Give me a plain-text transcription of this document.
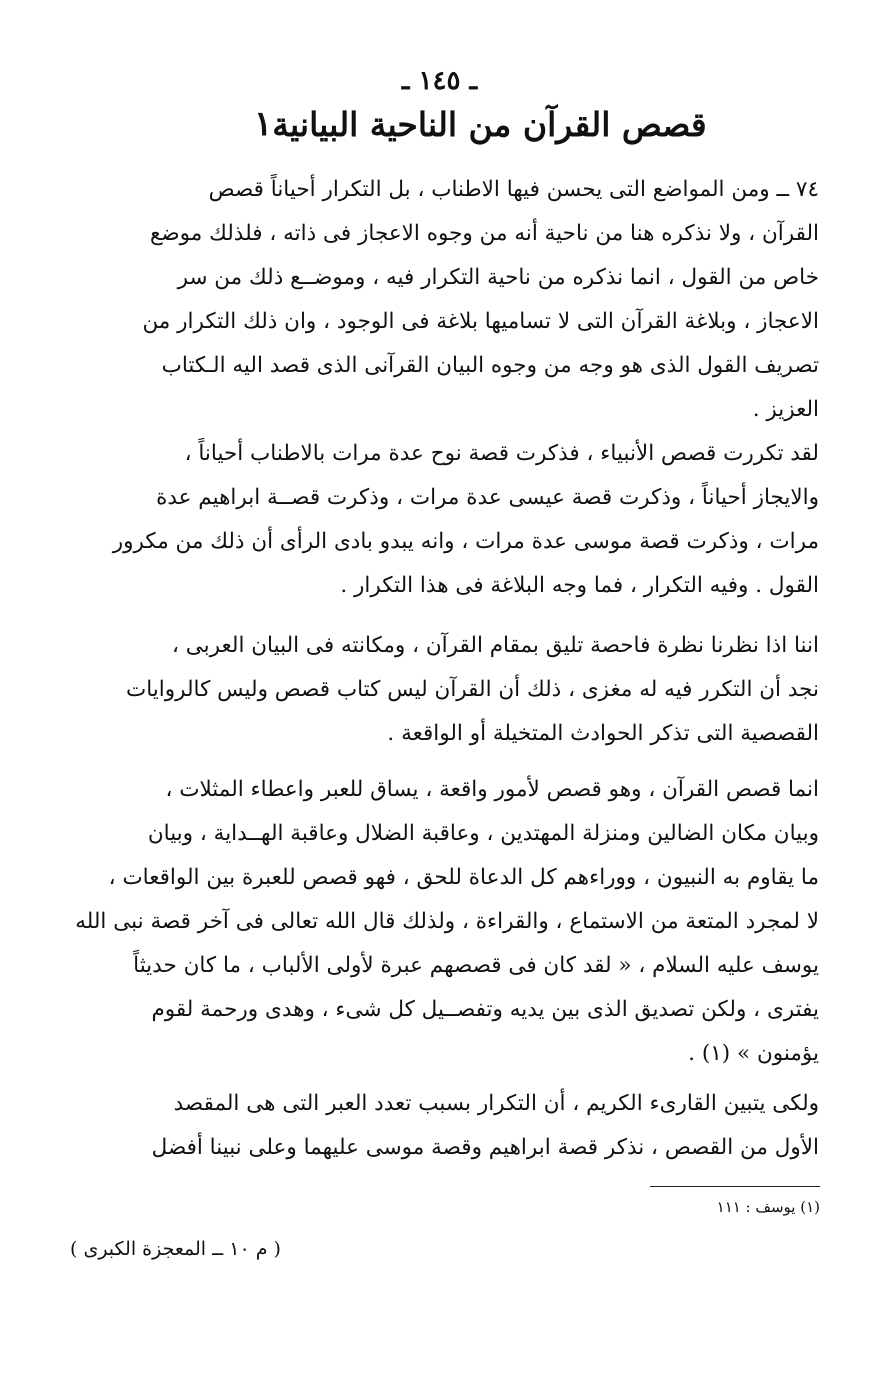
ـ ١٤٥ ـ
١ قصص القرآن من الناحية البيانية
٧٤ ــ ومن المواضع التى يحسن فيها الاطناب ، بل التكرار أحياناً قصص
القرآن ، ولا نذكره هنا من ناحية أنه من وجوه الاعجاز فى ذاته ، فلذلك موضع
خاص من القول ، انما نذكره من ناحية التكرار فيه ، وموضــع ذلك من سر
الاعجاز ، وبلاغة القرآن التى لا تساميها بلاغة فى الوجود ، وان ذلك التكرار من
تصريف القول الذى هو وجه من وجوه البيان القرآنى الذى قصد اليه الـكتاب
العزيز .
لقد تكررت قصص الأنبياء ، فذكرت قصة نوح عدة مرات بالاطناب أحياناً ،
والايجاز أحياناً ، وذكرت قصة عيسى عدة مرات ، وذكرت قصــة ابراهيم عدة
مرات ، وذكرت قصة موسى عدة مرات ، وانه يبدو بادى الرأى أن ذلك من مكرور
القول . وفيه التكرار ، فما وجه البلاغة فى هذا التكرار .
اننا اذا نظرنا نظرة فاحصة تليق بمقام القرآن ، ومكانته فى البيان العربى ،
نجد أن التكرر فيه له مغزى ، ذلك أن القرآن ليس كتاب قصص وليس كالروايات
القصصية التى تذكر الحوادث المتخيلة أو الواقعة .
انما قصص القرآن ، وهو قصص لأمور واقعة ، يساق للعبر واعطاء المثلات ،
وبيان مكان الضالين ومنزلة المهتدين ، وعاقبة الضلال وعاقبة الهــداية ، وبيان
ما يقاوم به النبيون ، ووراءهم كل الدعاة للحق ، فهو قصص للعبرة بين الواقعات ،
لا لمجرد المتعة من الاستماع ، والقراءة ، ولذلك قال الله تعالى فى آخر قصة نبى الله
يوسف عليه السلام ، « لقد كان فى قصصهم عبرة لأولى الألباب ، ما كان حديثاً
يفترى ، ولكن تصديق الذى بين يديه وتفصــيل كل شىء ، وهدى ورحمة لقوم
يؤمنون » (١) .
ولكى يتبين القارىء الكريم ، أن التكرار بسبب تعدد العبر التى هى المقصد
الأول من القصص ، نذكر قصة ابراهيم وقصة موسى عليهما وعلى نبينا أفضل
(١) يوسف : ١١١
( م ١٠ ــ المعجزة الكبرى )
